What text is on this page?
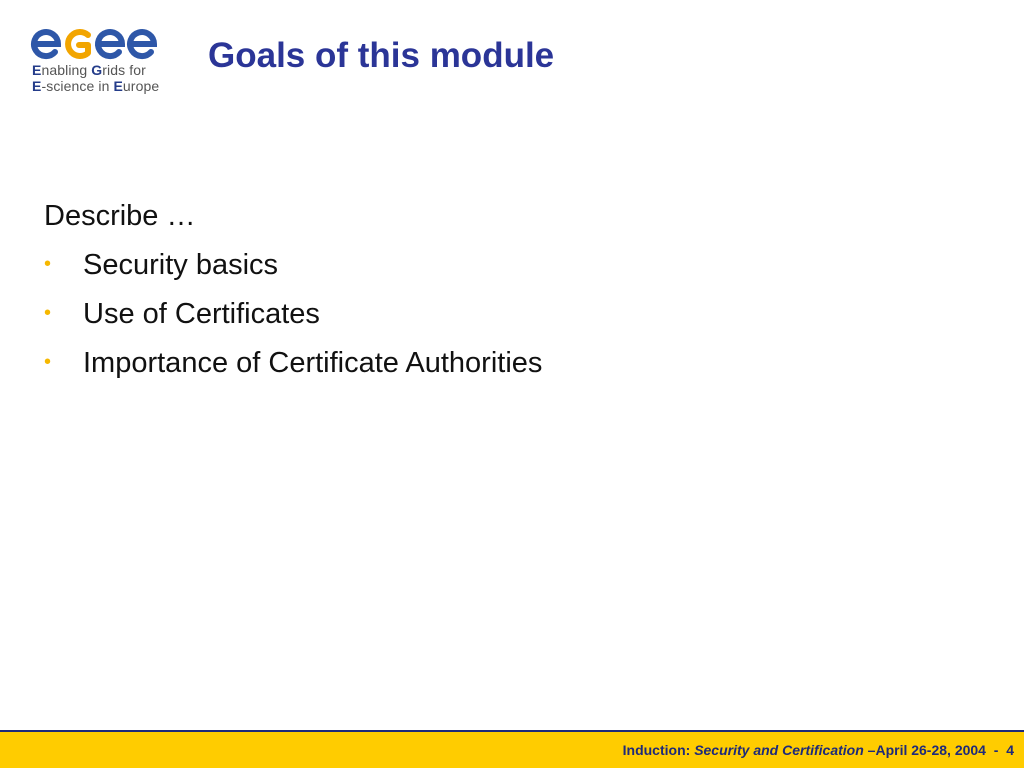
Enabling Grids for
E-science in Europe
Goals of this module
Describe …
• Security basics
• Use of Certificates
• Importance of Certificate Authorities
Induction: Security and Certification –April 26-28, 2004  -  4
